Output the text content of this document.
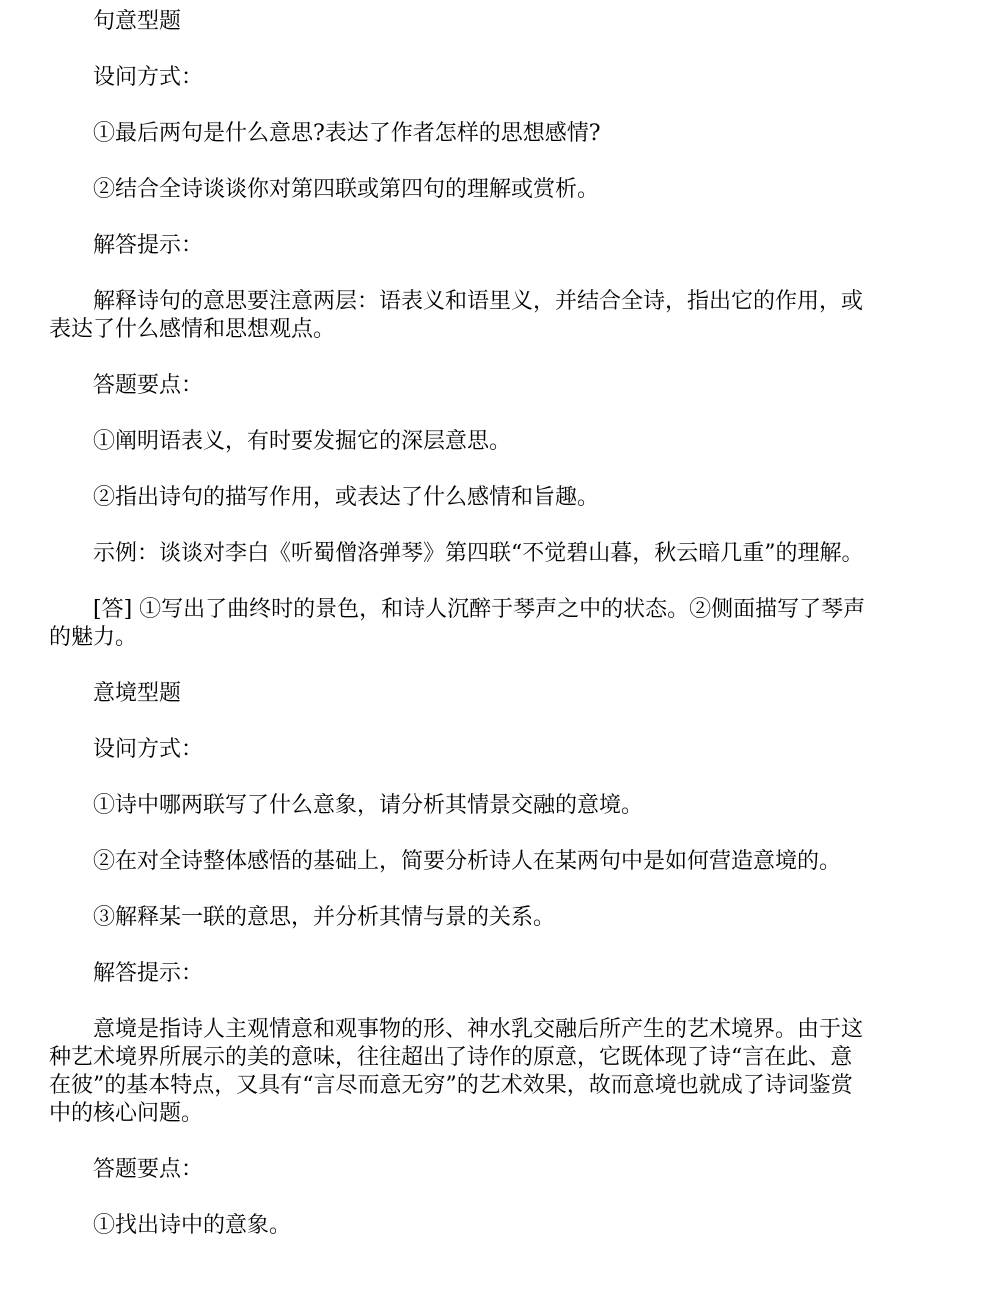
句意型题

设问方式：

①最后两句是什么意思?表达了作者怎样的思想感情?

②结合全诗谈谈你对第四联或第四句的理解或赏析。

解答提示：

解释诗句的意思要注意两层：语表义和语里义，并结合全诗，指出它的作用，或表达了什么感情和思想观点。

答题要点：

①阐明语表义，有时要发掘它的深层意思。

②指出诗句的描写作用，或表达了什么感情和旨趣。

示例：谈谈对李白《听蜀僧洛弹琴》第四联“不觉碧山暮，秋云暗几重”的理解。

[答] ①写出了曲终时的景色，和诗人沉醉于琴声之中的状态。②侧面描写了琴声的魅力。

意境型题

设问方式：

①诗中哪两联写了什么意象，请分析其情景交融的意境。

②在对全诗整体感悟的基础上，简要分析诗人在某两句中是如何营造意境的。

③解释某一联的意思，并分析其情与景的关系。

解答提示：

意境是指诗人主观情意和观事物的形、神水乳交融后所产生的艺术境界。由于这种艺术境界所展示的美的意味，往往超出了诗作的原意，它既体现了诗“言在此、意在彼”的基本特点，又具有“言尽而意无穷”的艺术效果，故而意境也就成了诗词鉴赏中的核心问题。

答题要点：

①找出诗中的意象。
